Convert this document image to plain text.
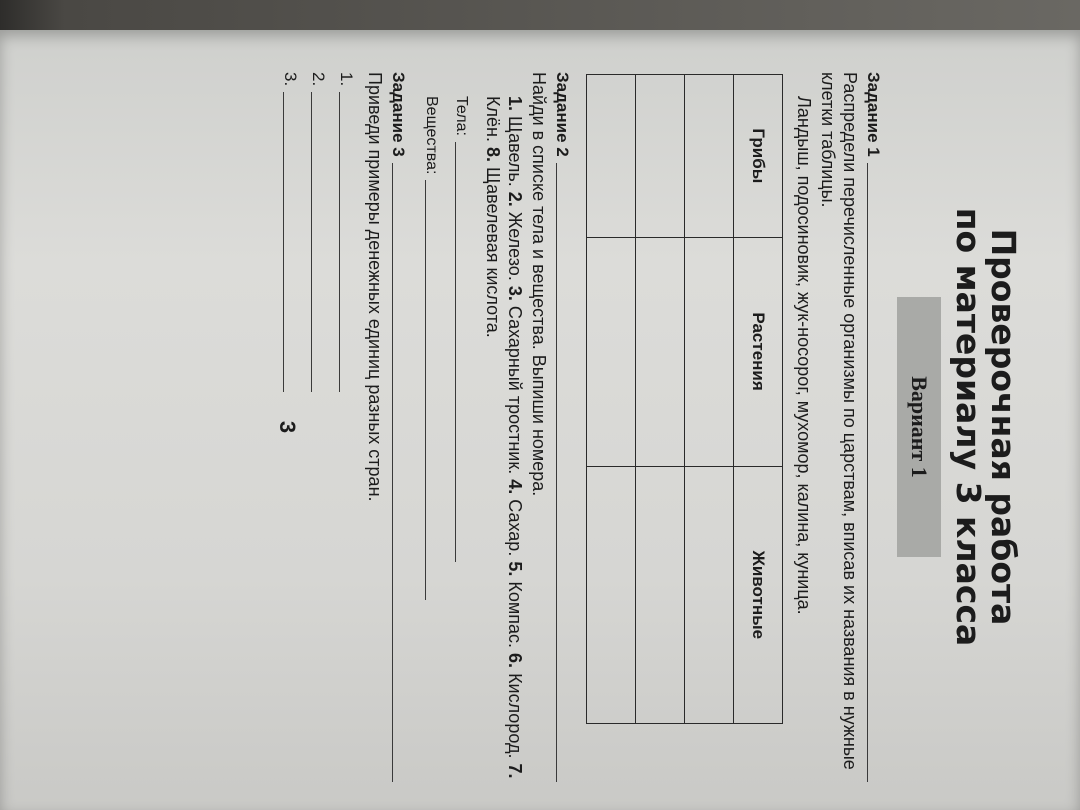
Проверочная работа
по материалу 3 класса
Вариант 1
Задание 1
Распредели перечисленные организмы по царствам, впиcав их названия в нужные клетки таблицы.
Ландыш, подосиновик, жук-носорог, мухомор, калина, куница.
Грибы	Растения	Животные

Задание 2
Найди в списке тела и вещества. Выпиши номера.
1. Щавель. 2. Железо. 3. Сахарный тростник. 4. Сахар. 5. Компас. 6. Кислород. 7. Клён. 8. Щавелевая кислота.
Тела:
Вещества:
Задание 3
Приведи примеры денежных единиц разных стран.
1.
2.
3.
3
